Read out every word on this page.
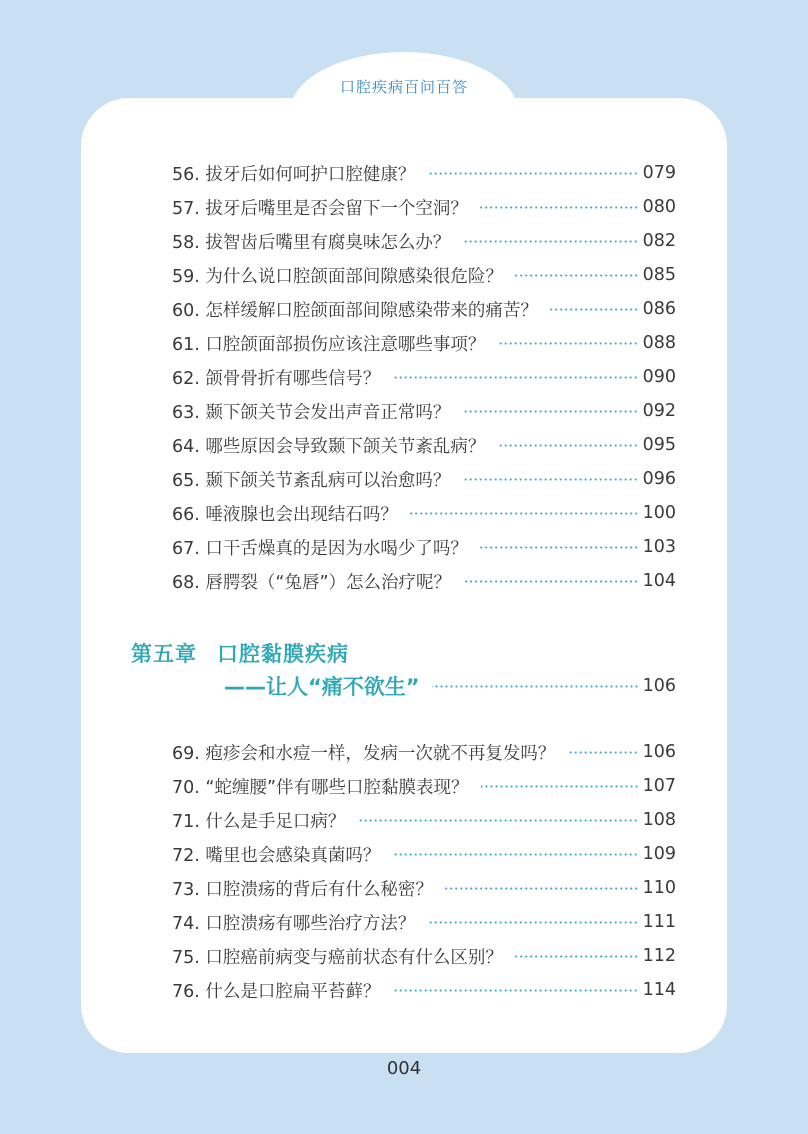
口腔疾病百问百答
56. 拔牙后如何呵护口腔健康？	079
57. 拔牙后嘴里是否会留下一个空洞？	080
58. 拔智齿后嘴里有腐臭味怎么办？	082
59. 为什么说口腔颌面部间隙感染很危险？	085
60. 怎样缓解口腔颌面部间隙感染带来的痛苦？	086
61. 口腔颌面部损伤应该注意哪些事项？	088
62. 颌骨骨折有哪些信号？	090
63. 颞下颌关节会发出声音正常吗？	092
64. 哪些原因会导致颞下颌关节紊乱病？	095
65. 颞下颌关节紊乱病可以治愈吗？	096
66. 唾液腺也会出现结石吗？	100
67. 口干舌燥真的是因为水喝少了吗？	103
68. 唇腭裂（“兔唇”）怎么治疗呢？	104
第五章 口腔黏膜疾病
——让人“痛不欲生”	106
69. 疱疹会和水痘一样，发病一次就不再复发吗？	106
70. “蛇缠腰”伴有哪些口腔黏膜表现？	107
71. 什么是手足口病？	108
72. 嘴里也会感染真菌吗？	109
73. 口腔溃疡的背后有什么秘密？	110
74. 口腔溃疡有哪些治疗方法？	111
75. 口腔癌前病变与癌前状态有什么区别？	112
76. 什么是口腔扁平苔藓？	114
004
